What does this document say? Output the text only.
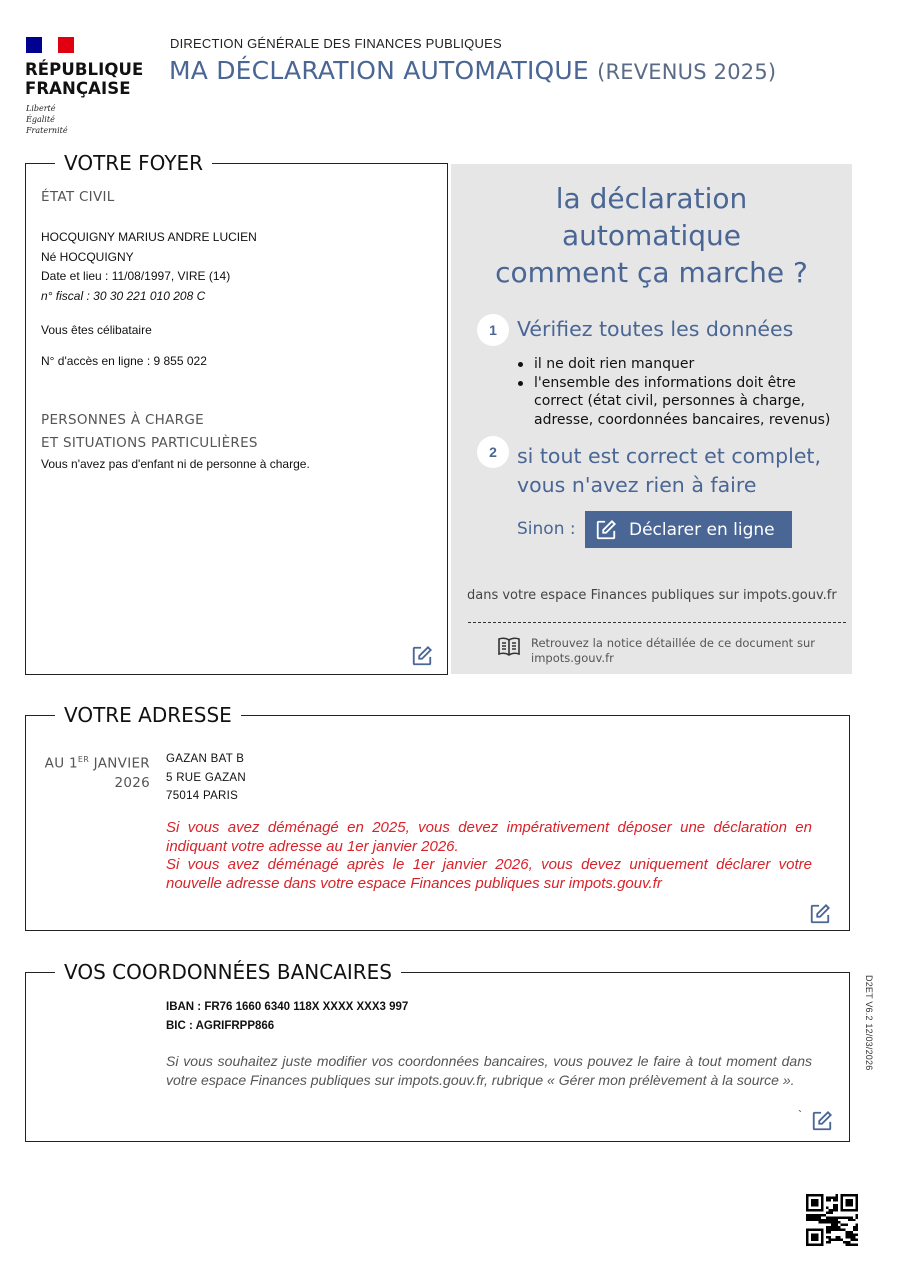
RÉPUBLIQUE
FRANÇAISE
Liberté
Égalité
Fraternité
DIRECTION GÉNÉRALE DES FINANCES PUBLIQUES
MA DÉCLARATION AUTOMATIQUE (REVENUS 2025)
VOTRE FOYER
ÉTAT CIVIL
HOCQUIGNY MARIUS ANDRE LUCIEN
Né HOCQUIGNY
Date et lieu : 11/08/1997, VIRE (14)
n° fiscal : 30 30 221 010 208 C
Vous êtes célibataire
N° d'accès en ligne : 9 855 022
PERSONNES À CHARGE
ET SITUATIONS PARTICULIÈRES
Vous n'avez pas d'enfant ni de personne à charge.
la déclaration
automatique
comment ça marche ?
1 Vérifiez toutes les données
il ne doit rien manquer
l'ensemble des informations doit être correct (état civil, personnes à charge, adresse, coordonnées bancaires, revenus)
2 si tout est correct et complet,
vous n'avez rien à faire
Sinon :	Déclarer en ligne
dans votre espace Finances publiques sur impots.gouv.fr
Retrouvez la notice détaillée de ce document sur impots.gouv.fr
VOTRE ADRESSE
AU 1ER JANVIER
2026
GAZAN BAT B
5 RUE GAZAN
75014 PARIS
Si vous avez déménagé en 2025, vous devez impérativement déposer une déclaration en indiquant votre adresse au 1er janvier 2026.
Si vous avez déménagé après le 1er janvier 2026, vous devez uniquement déclarer votre nouvelle adresse dans votre espace Finances publiques sur impots.gouv.fr
VOS COORDONNÉES BANCAIRES
IBAN : FR76 1660 6340 118X XXXX XXX3 997
BIC : AGRIFRPP866
Si vous souhaitez juste modifier vos coordonnées bancaires, vous pouvez le faire à tout moment dans votre espace Finances publiques sur impots.gouv.fr, rubrique « Gérer mon prélèvement à la source ».
`
D2ET V6.2 12/03/2026
